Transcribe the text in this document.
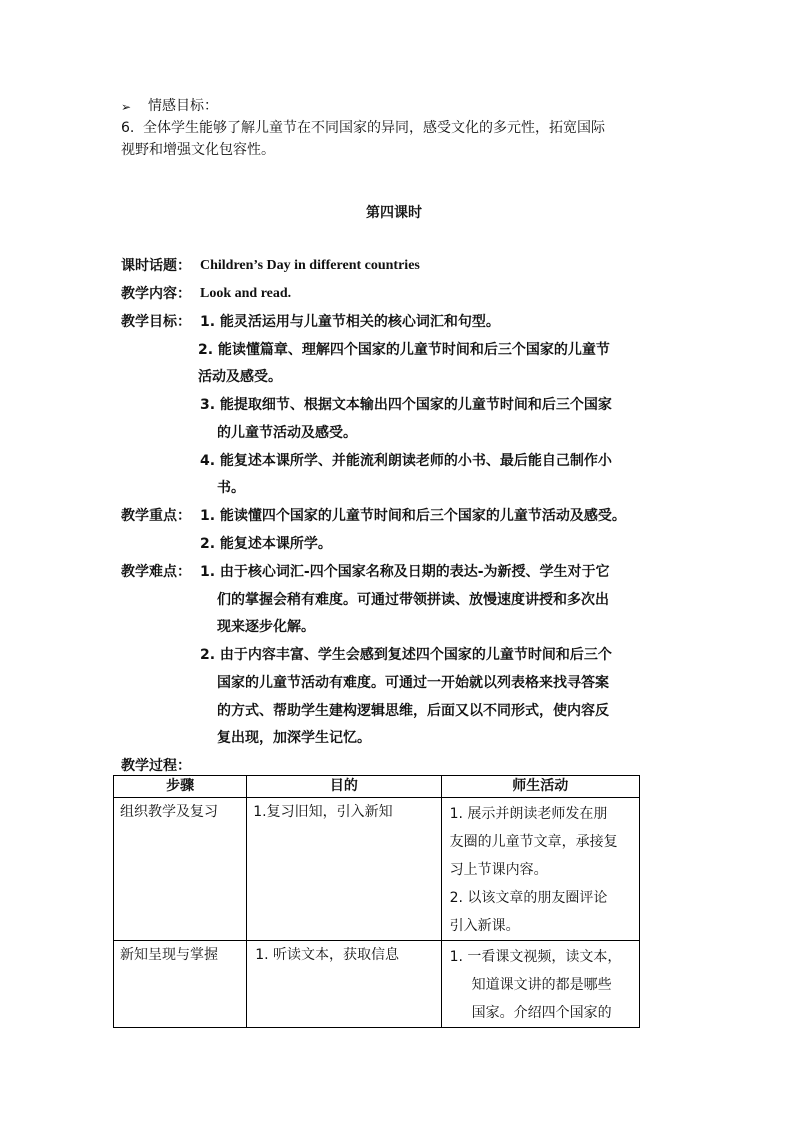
➢ 情感目标：
6. 全体学生能够了解儿童节在不同国家的异同，感受文化的多元性，拓宽国际
视野和增强文化包容性。
第四课时
课时话题： Children’s Day in different countries
教学内容： Look and read.
教学目标： 1. 能灵活运用与儿童节相关的核心词汇和句型。
2. 能读懂篇章、理解四个国家的儿童节时间和后三个国家的儿童节
活动及感受。
3. 能提取细节、根据文本输出四个国家的儿童节时间和后三个国家
的儿童节活动及感受。
4. 能复述本课所学、并能流利朗读老师的小书、最后能自己制作小
书。
教学重点： 1. 能读懂四个国家的儿童节时间和后三个国家的儿童节活动及感受。
2. 能复述本课所学。
教学难点： 1. 由于核心词汇-四个国家名称及日期的表达-为新授、学生对于它
们的掌握会稍有难度。可通过带领拼读、放慢速度讲授和多次出
现来逐步化解。
2. 由于内容丰富、学生会感到复述四个国家的儿童节时间和后三个
国家的儿童节活动有难度。可通过一开始就以列表格来找寻答案
的方式、帮助学生建构逻辑思维，后面又以不同形式，使内容反
复出现，加深学生记忆。
教学过程：
步骤	目的	师生活动

组织教学及复习	1.复习旧知，引入新知	1. 展示并朗读老师发在朋
友圈的儿童节文章，承接复
习上节课内容。
2. 以该文章的朋友圈评论
引入新课。

新知呈现与掌握	1. 听读文本，获取信息	1. 一看课文视频，读文本，
知道课文讲的都是哪些
国家。介绍四个国家的
